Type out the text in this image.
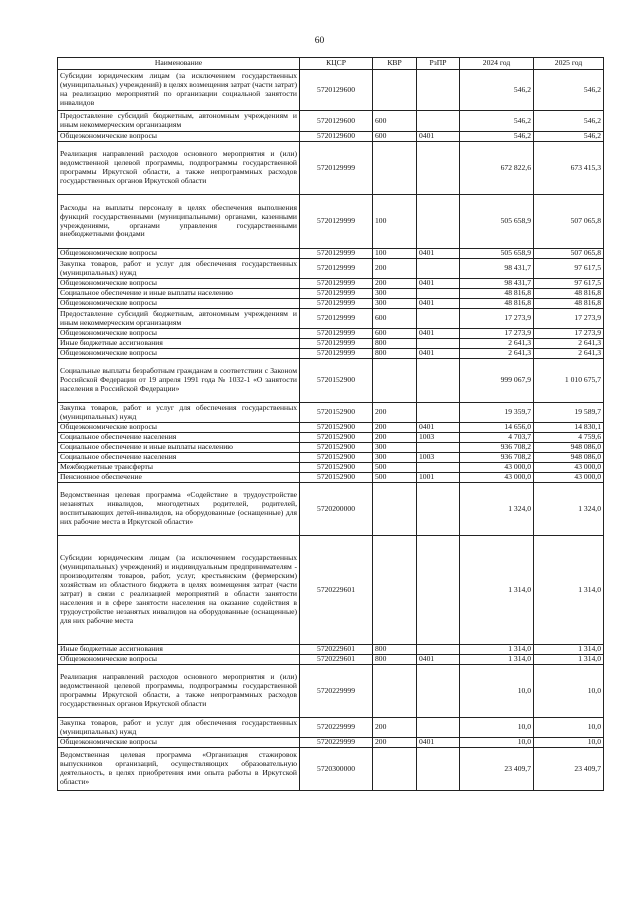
60
Наименование	КЦСР	КВР	РзПР	2024 год	2025 год
Субсидии юридическим лицам (за исключением государственных (муниципальных) учреждений) в целях возмещения затрат (части затрат) на реализацию мероприятий по организации социальной занятости инвалидов	5720129600			546,2	546,2
Предоставление субсидий бюджетным, автономным учреждениям и иным некоммерческим организациям	5720129600	600		546,2	546,2
Общеэкономические вопросы	5720129600	600	0401	546,2	546,2
Реализация направлений расходов основного мероприятия и (или) ведомственной целевой программы, подпрограммы государственной программы Иркутской области, а также непрограммных расходов государственных органов Иркутской области	5720129999			672 822,6	673 415,3
Расходы на выплаты персоналу в целях обеспечения выполнения функций государственными (муниципальными) органами, казенными учреждениями, органами управления государственными внебюджетными фондами	5720129999	100		505 658,9	507 065,8
Общеэкономические вопросы	5720129999	100	0401	505 658,9	507 065,8
Закупка товаров, работ и услуг для обеспечения государственных (муниципальных) нужд	5720129999	200		98 431,7	97 617,5
Общеэкономические вопросы	5720129999	200	0401	98 431,7	97 617,5
Социальное обеспечение и иные выплаты населению	5720129999	300		48 816,8	48 816,8
Общеэкономические вопросы	5720129999	300	0401	48 816,8	48 816,8
Предоставление субсидий бюджетным, автономным учреждениям и иным некоммерческим организациям	5720129999	600		17 273,9	17 273,9
Общеэкономические вопросы	5720129999	600	0401	17 273,9	17 273,9
Иные бюджетные ассигнования	5720129999	800		2 641,3	2 641,3
Общеэкономические вопросы	5720129999	800	0401	2 641,3	2 641,3
Социальные выплаты безработным гражданам в соответствии с Законом Российской Федерации от 19 апреля 1991 года № 1032-1 «О занятости населения в Российской Федерации»	5720152900			999 067,9	1 010 675,7
Закупка товаров, работ и услуг для обеспечения государственных (муниципальных) нужд	5720152900	200		19 359,7	19 589,7
Общеэкономические вопросы	5720152900	200	0401	14 656,0	14 830,1
Социальное обеспечение населения	5720152900	200	1003	4 703,7	4 759,6
Социальное обеспечение и иные выплаты населению	5720152900	300		936 708,2	948 086,0
Социальное обеспечение населения	5720152900	300	1003	936 708,2	948 086,0
Межбюджетные трансферты	5720152900	500		43 000,0	43 000,0
Пенсионное обеспечение	5720152900	500	1001	43 000,0	43 000,0
Ведомственная целевая программа «Содействие в трудоустройстве незанятых инвалидов, многодетных родителей, родителей, воспитывающих детей-инвалидов, на оборудованные (оснащенные) для них рабочие места в Иркутской области»	5720200000			1 324,0	1 324,0
Субсидии юридическим лицам (за исключением государственных (муниципальных) учреждений) и индивидуальным предпринимателям - производителям товаров, работ, услуг, крестьянским (фермерским) хозяйствам из областного бюджета в целях возмещения затрат (части затрат) в связи с реализацией мероприятий в области занятости населения и в сфере занятости населения на оказание содействия в трудоустройстве незанятых инвалидов на оборудованные (оснащенные) для них рабочие места	5720229601			1 314,0	1 314,0
Иные бюджетные ассигнования	5720229601	800		1 314,0	1 314,0
Общеэкономические вопросы	5720229601	800	0401	1 314,0	1 314,0
Реализация направлений расходов основного мероприятия и (или) ведомственной целевой программы, подпрограммы государственной программы Иркутской области, а также непрограммных расходов государственных органов Иркутской области	5720229999			10,0	10,0
Закупка товаров, работ и услуг для обеспечения государственных (муниципальных) нужд	5720229999	200		10,0	10,0
Общеэкономические вопросы	5720229999	200	0401	10,0	10,0
Ведомственная целевая программа «Организация стажировок выпускников организаций, осуществляющих образовательную деятельность, в целях приобретения ими опыта работы в Иркутской области»	5720300000			23 409,7	23 409,7
